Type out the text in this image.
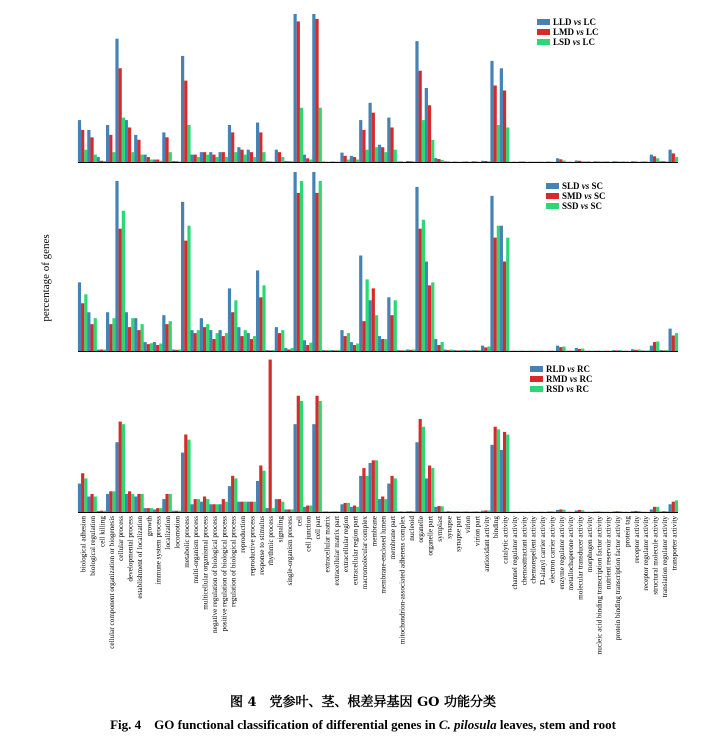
LLD vs LC
LMD vs LC
LSD vs LC
SLD vs SC
SMD vs SC
SSD vs SC
RLD vs RC
RMD vs RC
RSD vs RC
percentage of genes
biological adhesion biological regulation cell killing cellular component organization or biogenesis cellular process developmental process establishment of localization growth immune system process localization locomotion metabolic process multi-organism process multicellular organismal process negative regulation of biological process positive regulation of biological process regulation of biological process reproduction reproductive process response to stimulus rhythmic process signaling single-organism process cell cell junction cell part extracellular matrix extracellular matrix part extracellular region extracellular region part macromolecular complex membrane membrane-enclosed lumen membrane part mitochondrion-associated adherens complex nucleoid organelle organelle part symplast synapse synapse part virion virion part antioxidant activity binding catalytic activity channel regulator activity chemoattractant activity chemorepellent activity D-alanyl carrier activity electron carrier activity enzyme regulator activity metallochaperone activity molecular transducer activity morphogen activity nucleic acid binding transcription factor activity nutrient reservoir activity protein binding transcription factor activity protein tag receptor activity receptor regulator activity structural molecule activity translation regulator activity transporter activity
图 4　党参叶、茎、根差异基因 GO 功能分类
Fig. 4　GO functional classification of differential genes in C. pilosula leaves, stem and root
